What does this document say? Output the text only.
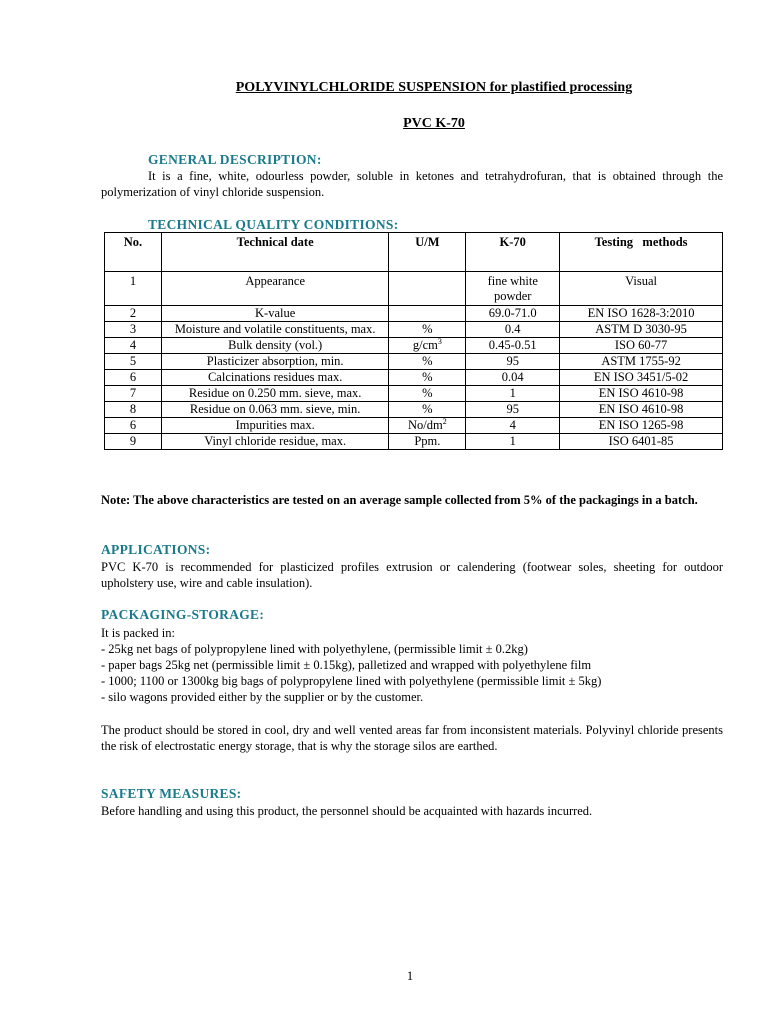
POLYVINYLCHLORIDE SUSPENSION for plastified processing
PVC K-70
GENERAL DESCRIPTION:
It is a fine, white, odourless powder, soluble in ketones and tetrahydrofuran, that is obtained through the polymerization of vinyl chloride suspension.
TECHNICAL QUALITY CONDITIONS:
No.	Technical date	U/M	K-70	Testing   methods
1	Appearance		fine white powder	Visual
2	K-value		69.0-71.0	EN ISO 1628-3:2010
3	Moisture and volatile constituents, max.	%	0.4	ASTM D 3030-95
4	Bulk density (vol.)	$g/cm^3$	0.45-0.51	ISO 60-77
5	Plasticizer absorption, min.	%	95	ASTM 1755-92
6	Calcinations residues max.	%	0.04	EN ISO 3451/5-02
7	Residue on 0.250 mm. sieve, max.	%	1	EN ISO 4610-98
8	Residue on 0.063 mm. sieve, min.	%	95	EN ISO 4610-98
6	Impurities max.	$No/dm^2$	4	EN ISO 1265-98
9	Vinyl chloride residue, max.	Ppm.	1	ISO 6401-85
Note: The above characteristics are tested on an average sample collected from 5% of the packagings in a batch.
APPLICATIONS:
PVC K-70 is recommended for plasticized profiles extrusion or calendering (footwear soles, sheeting for outdoor upholstery use, wire and cable insulation).
PACKAGING-STORAGE:
It is packed in:
- 25kg net bags of polypropylene lined with polyethylene, (permissible limit ± 0.2kg)
- paper bags 25kg net (permissible limit ± 0.15kg), palletized and wrapped with polyethylene film
- 1000; 1100 or 1300kg big bags of polypropylene lined with polyethylene (permissible limit ± 5kg)
- silo wagons provided either by the supplier or by the customer.
The product should be stored in cool, dry and well vented areas far from inconsistent materials. Polyvinyl chloride presents the risk of electrostatic energy storage, that is why the storage silos are earthed.
SAFETY MEASURES:
Before handling and using this product, the personnel should be acquainted with hazards incurred.
1
